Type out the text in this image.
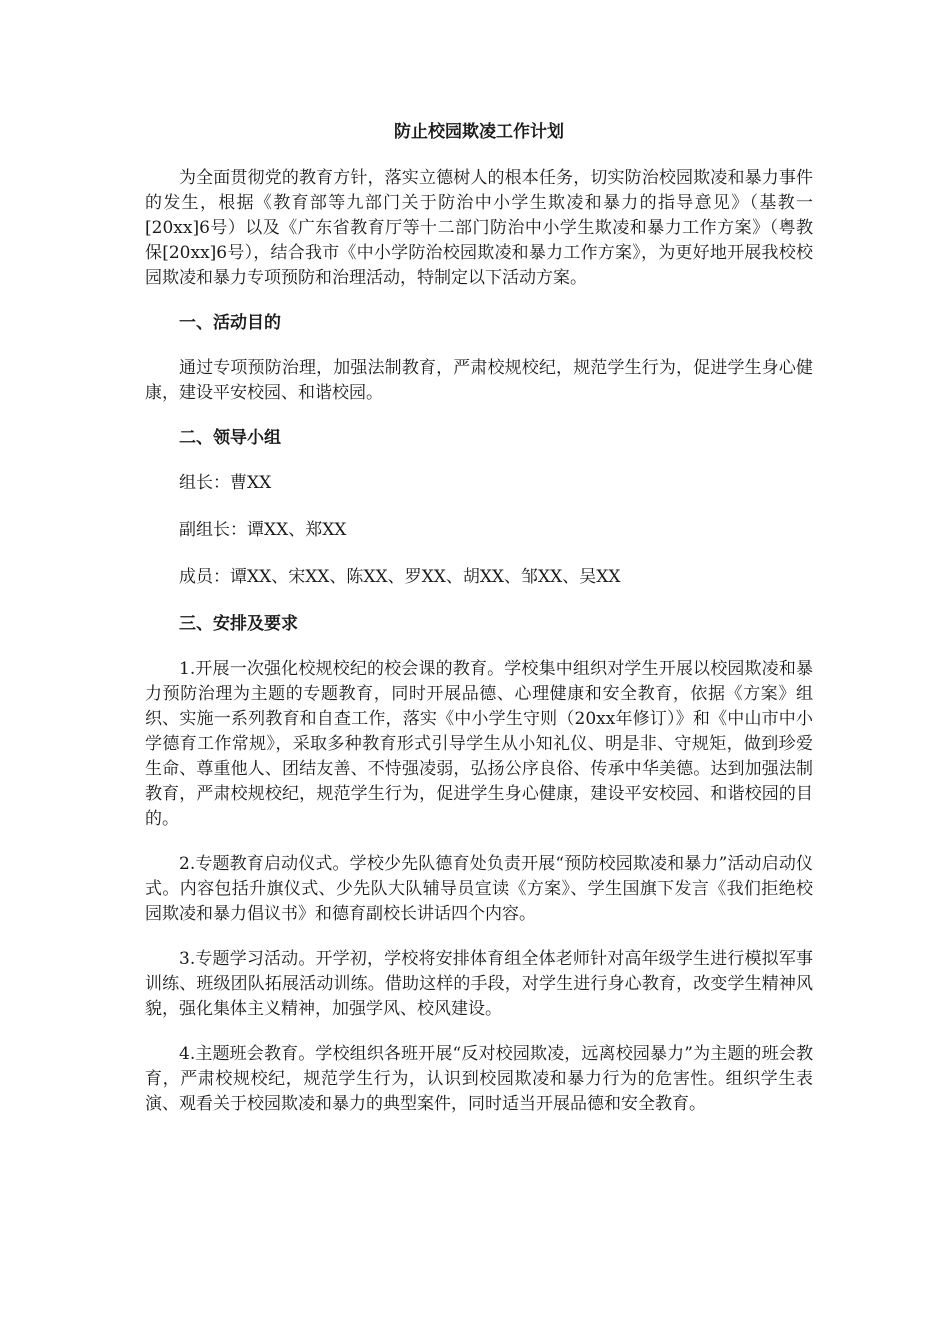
防止校园欺凌工作计划

为全面贯彻党的教育方针，落实立德树人的根本任务，切实防治校园欺凌和暴力事件的发生，根据《教育部等九部门关于防治中小学生欺凌和暴力的指导意见》（基教一[20xx]6号）以及《广东省教育厅等十二部门防治中小学生欺凌和暴力工作方案》（粤教保[20xx]6号），结合我市《中小学防治校园欺凌和暴力工作方案》，为更好地开展我校校园欺凌和暴力专项预防和治理活动，特制定以下活动方案。

一、活动目的

通过专项预防治理，加强法制教育，严肃校规校纪，规范学生行为，促进学生身心健康，建设平安校园、和谐校园。

二、领导小组
组长：曹XX
副组长：谭XX、郑XX
成员：谭XX、宋XX、陈XX、罗XX、胡XX、邹XX、吴XX
三、安排及要求

1.开展一次强化校规校纪的校会课的教育。学校集中组织对学生开展以校园欺凌和暴力预防治理为主题的专题教育，同时开展品德、心理健康和安全教育，依据《方案》组织、实施一系列教育和自查工作，落实《中小学生守则（20xx年修订）》和《中山市中小学德育工作常规》，采取多种教育形式引导学生从小知礼仪、明是非、守规矩，做到珍爱生命、尊重他人、团结友善、不恃强凌弱，弘扬公序良俗、传承中华美德。达到加强法制教育，严肃校规校纪，规范学生行为，促进学生身心健康，建设平安校园、和谐校园的目的。

2.专题教育启动仪式。学校少先队德育处负责开展“预防校园欺凌和暴力”活动启动仪式。内容包括升旗仪式、少先队大队辅导员宣读《方案》、学生国旗下发言《我们拒绝校园欺凌和暴力倡议书》和德育副校长讲话四个内容。

3.专题学习活动。开学初，学校将安排体育组全体老师针对高年级学生进行模拟军事训练、班级团队拓展活动训练。借助这样的手段，对学生进行身心教育，改变学生精神风貌，强化集体主义精神，加强学风、校风建设。

4.主题班会教育。学校组织各班开展“反对校园欺凌，远离校园暴力”为主题的班会教育，严肃校规校纪，规范学生行为，认识到校园欺凌和暴力行为的危害性。组织学生表演、观看关于校园欺凌和暴力的典型案件，同时适当开展品德和安全教育。
